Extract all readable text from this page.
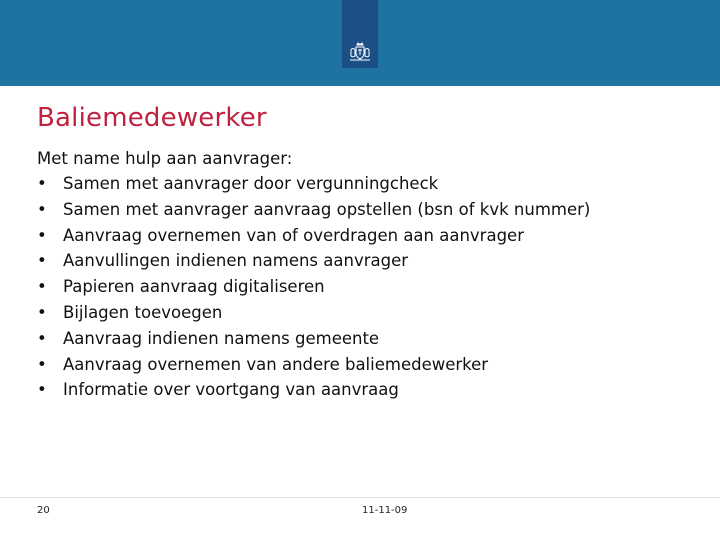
Baliemedewerker
Met name hulp aan aanvrager:
• Samen met aanvrager door vergunningcheck
• Samen met aanvrager aanvraag opstellen (bsn of kvk nummer)
• Aanvraag overnemen van of overdragen aan aanvrager
• Aanvullingen indienen namens aanvrager
• Papieren aanvraag digitaliseren
• Bijlagen toevoegen
• Aanvraag indienen namens gemeente
• Aanvraag overnemen van andere baliemedewerker
• Informatie over voortgang van aanvraag
20	11-11-09
